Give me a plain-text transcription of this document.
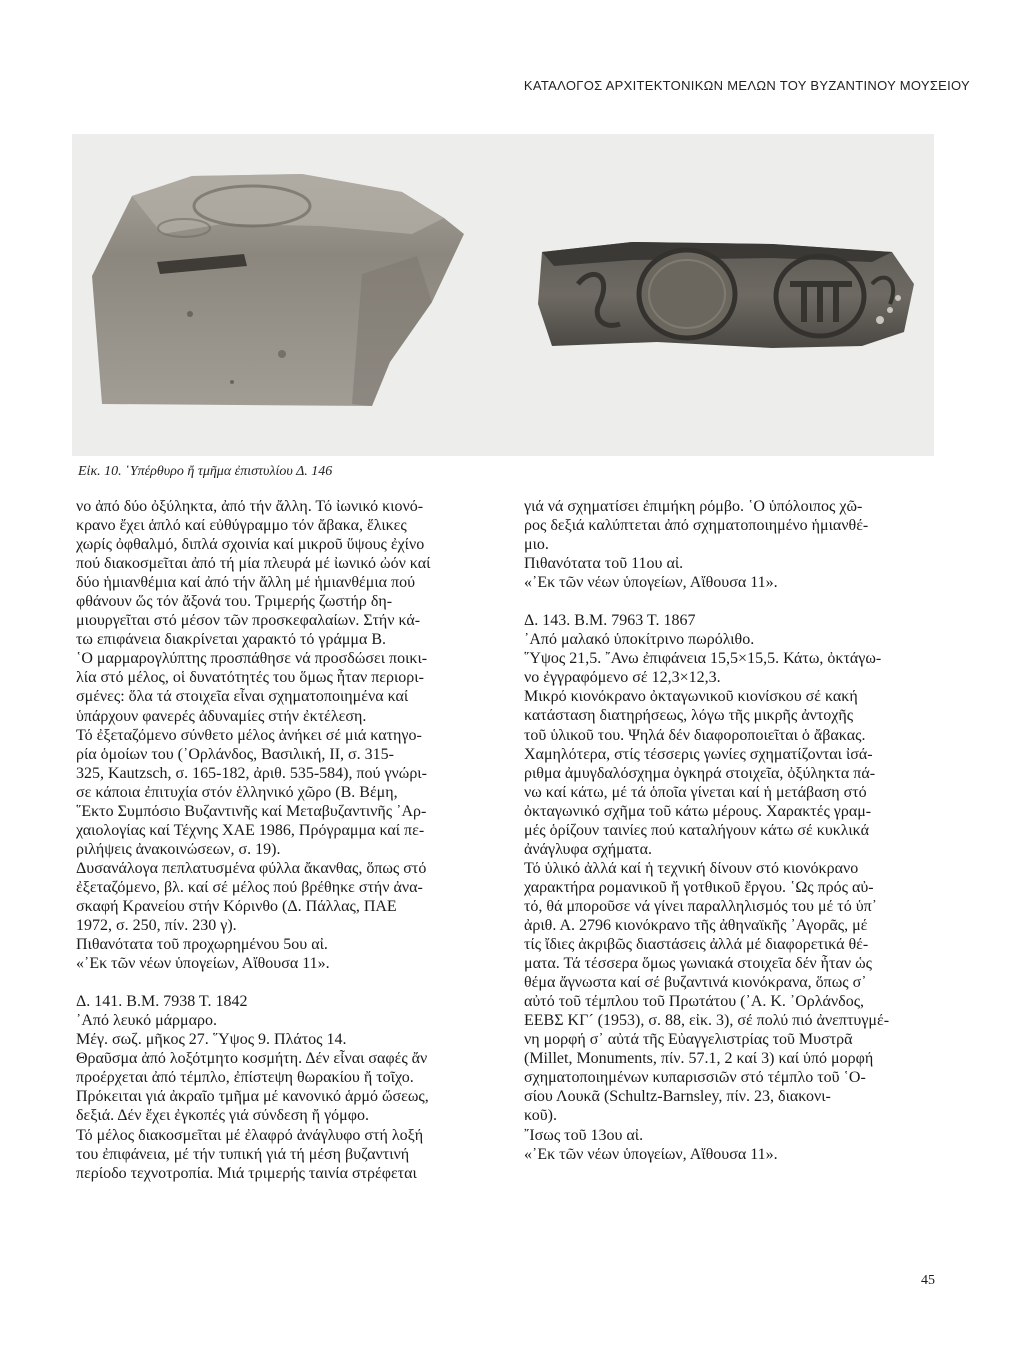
ΚΑΤΑΛΟΓΟΣ ΑΡΧΙΤΕΚΤΟΝΙΚΩΝ ΜΕΛΩΝ ΤΟΥ ΒΥΖΑΝΤΙΝΟΥ ΜΟΥΣΕΙΟΥ
Εἰκ. 10. ῾Υπέρθυρο ἤ τμῆμα ἐπιστυλίου Δ. 146

νο ἀπό δύο ὀξύληκτα, ἀπό τήν ἄλλη. Τό ἰωνικό κιονό-

κρανο ἔχει ἁπλό καί εὐθύγραμμο τόν ἄβακα, ἕλικες

χωρίς ὀφθαλμό, διπλά σχοινία καί μικροῦ ὕψους ἐχίνο

πού διακοσμεῖται ἀπό τή μία πλευρά μέ ἰωνικό ὠόν καί

δύο ἡμιανθέμια καί ἀπό τήν ἄλλη μέ ἡμιανθέμια πού

φθάνουν ὥς τόν ἄξονά του. Τριμερής ζωστήρ δη-

μιουργεῖται στό μέσον τῶν προσκεφαλαίων. Στήν κά-

τω επιφάνεια διακρίνεται χαρακτό τό γράμμα Β.

῾Ο μαρμαρογλύπτης προσπάθησε νά προσδώσει ποικι-

λία στό μέλος, οἱ δυνατότητές του ὅμως ἦταν περιορι-

σμένες: ὅλα τά στοιχεῖα εἶναι σχηματοποιημένα καί

ὑπάρχουν φανερές ἀδυναμίες στήν ἐκτέλεση.

Τό ἐξεταζόμενο σύνθετο μέλος ἀνήκει σέ μιά κατηγο-

ρία ὁμοίων του (᾿Ορλάνδος, Βασιλική, ΙΙ, σ. 315-

325, Kautzsch, σ. 165-182, ἀριθ. 535-584), πού γνώρι-

σε κάποια ἐπιτυχία στόν ἑλληνικό χῶρο (Β. Βέμη,

῞Εκτο Συμπόσιο Βυζαντινῆς καί Μεταβυζαντινῆς ᾿Αρ-

χαιολογίας καί Τέχνης ΧΑΕ 1986, Πρόγραμμα καί πε-

ριλήψεις ἀνακοινώσεων, σ. 19).

Δυσανάλογα πεπλατυσμένα φύλλα ἄκανθας, ὅπως στό

ἐξεταζόμενο, βλ. καί σέ μέλος πού βρέθηκε στήν ἀνα-

σκαφή Κρανείου στήν Κόρινθο (Δ. Πάλλας, ΠΑΕ

1972, σ. 250, πίν. 230 γ).

Πιθανότατα τοῦ προχωρημένου 5ου αἰ.

«᾿Εκ τῶν νέων ὑπογείων, Αἴθουσα 11».

Δ. 141. Β.Μ. 7938 Τ. 1842

᾿Από λευκό μάρμαρο.

Μέγ. σωζ. μῆκος 27. ῞Υψος 9. Πλάτος 14.

Θραῦσμα ἀπό λοξότμητο κοσμήτη. Δέν εἶναι σαφές ἄν

προέρχεται ἀπό τέμπλο, ἐπίστεψη θωρακίου ἤ τοῖχο.

Πρόκειται γιά ἀκραῖο τμῆμα μέ κανονικό ἁρμό ὤσεως,

δεξιά. Δέν ἔχει ἐγκοπές γιά σύνδεση ἤ γόμφο.

Τό μέλος διακοσμεῖται μέ ἐλαφρό ἀνάγλυφο στή λοξή

του ἐπιφάνεια, μέ τήν τυπική γιά τή μέση βυζαντινή

περίοδο τεχνοτροπία. Μιά τριμερής ταινία στρέφεται

γιά νά σχηματίσει ἐπιμήκη ρόμβο. ῾Ο ὑπόλοιπος χῶ-

ρος δεξιά καλύπτεται ἀπό σχηματοποιημένο ἡμιανθέ-

μιο.

Πιθανότατα τοῦ 11ου αἰ.

«᾿Εκ τῶν νέων ὑπογείων, Αἴθουσα 11».

Δ. 143. Β.Μ. 7963 Τ. 1867

᾿Από μαλακό ὑποκίτρινο πωρόλιθο.

῞Υψος 21,5. ῎Ανω ἐπιφάνεια 15,5×15,5. Κάτω, ὀκτάγω-

νο ἐγγραφόμενο σέ 12,3×12,3.

Μικρό κιονόκρανο ὀκταγωνικοῦ κιονίσκου σέ κακή

κατάσταση διατηρήσεως, λόγω τῆς μικρῆς ἀντοχῆς

τοῦ ὑλικοῦ του. Ψηλά δέν διαφοροποιεῖται ὁ ἄβακας.

Χαμηλότερα, στίς τέσσερις γωνίες σχηματίζονται ἰσά-

ριθμα ἀμυγδαλόσχημα ὀγκηρά στοιχεῖα, ὀξύληκτα πά-

νω καί κάτω, μέ τά ὁποῖα γίνεται καί ἡ μετάβαση στό

ὀκταγωνικό σχῆμα τοῦ κάτω μέρους. Χαρακτές γραμ-

μές ὁρίζουν ταινίες πού καταλήγουν κάτω σέ κυκλικά

ἀνάγλυφα σχήματα.

Τό ὑλικό ἀλλά καί ἡ τεχνική δίνουν στό κιονόκρανο

χαρακτήρα ρομανικοῦ ἤ γοτθικοῦ ἔργου. ῾Ως πρός αὐ-

τό, θά μποροῦσε νά γίνει παραλληλισμός του μέ τό ὑπ᾿

ἀριθ. Α. 2796 κιονόκρανο τῆς ἀθηναϊκῆς ᾿Αγορᾶς, μέ

τίς ἴδιες ἀκριβῶς διαστάσεις ἀλλά μέ διαφορετικά θέ-

ματα. Τά τέσσερα ὅμως γωνιακά στοιχεῖα δέν ἦταν ὡς

θέμα ἄγνωστα καί σέ βυζαντινά κιονόκρανα, ὅπως σ᾿

αὐτό τοῦ τέμπλου τοῦ Πρωτάτου (᾿Α. Κ. ᾿Ορλάνδος,

ΕΕΒΣ ΚΓ´ (1953), σ. 88, εἰκ. 3), σέ πολύ πιό ἀνεπτυγμέ-

νη μορφή σ᾿ αὐτά τῆς Εὐαγγελιστρίας τοῦ Μυστρᾶ

(Millet, Monuments, πίν. 57.1, 2 καί 3) καί ὑπό μορφή

σχηματοποιημένων κυπαρισσιῶν στό τέμπλο τοῦ ῾Ο-

σίου Λουκᾶ (Schultz-Barnsley, πίν. 23, διακονι-

κοῦ).

῎Ισως τοῦ 13ου αἰ.

«᾿Εκ τῶν νέων ὑπογείων, Αἴθουσα 11».

45
